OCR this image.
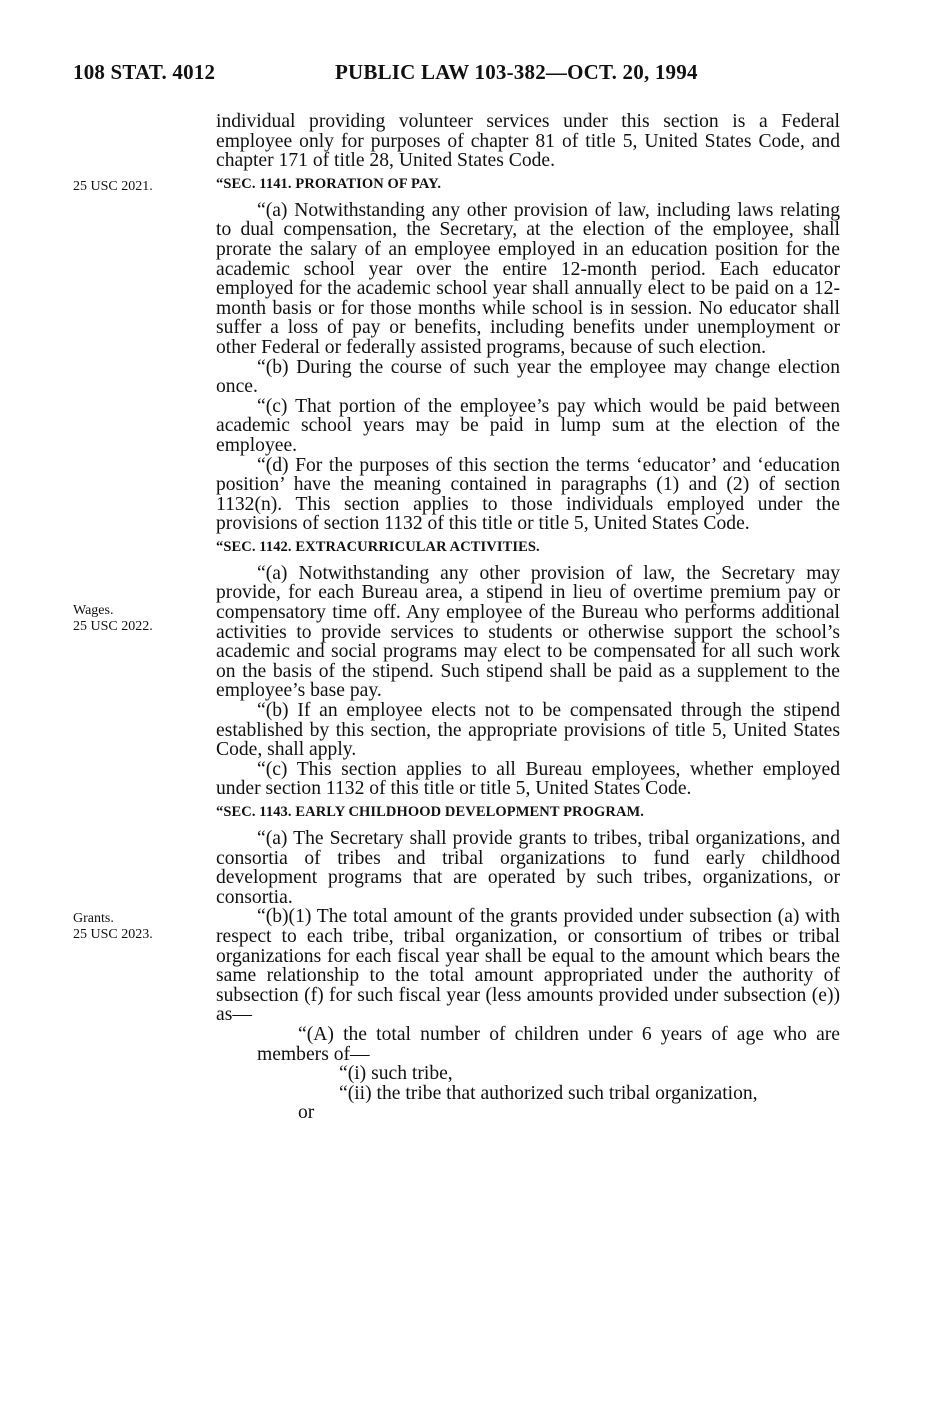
108 STAT. 4012	PUBLIC LAW 103-382—OCT. 20, 1994
25 USC 2021.
Wages.
25 USC 2022.
Grants.
25 USC 2023.

individual providing volunteer services under this section is a Federal employee only for purposes of chapter 81 of title 5, United States Code, and chapter 171 of title 28, United States Code.

“SEC. 1141. PRORATION OF PAY.

“(a) Notwithstanding any other provision of law, including laws relating to dual compensation, the Secretary, at the election of the employee, shall prorate the salary of an employee employed in an education position for the academic school year over the entire 12-month period. Each educator employed for the academic school year shall annually elect to be paid on a 12-month basis or for those months while school is in session. No educator shall suffer a loss of pay or benefits, including benefits under unemployment or other Federal or federally assisted programs, because of such election.

“(b) During the course of such year the employee may change election once.

“(c) That portion of the employee’s pay which would be paid between academic school years may be paid in lump sum at the election of the employee.

“(d) For the purposes of this section the terms ‘educator’ and ‘education position’ have the meaning contained in paragraphs (1) and (2) of section 1132(n). This section applies to those individuals employed under the provisions of section 1132 of this title or title 5, United States Code.

“SEC. 1142. EXTRACURRICULAR ACTIVITIES.

“(a) Notwithstanding any other provision of law, the Secretary may provide, for each Bureau area, a stipend in lieu of overtime premium pay or compensatory time off. Any employee of the Bureau who performs additional activities to provide services to students or otherwise support the school’s academic and social programs may elect to be compensated for all such work on the basis of the stipend. Such stipend shall be paid as a supplement to the employee’s base pay.

“(b) If an employee elects not to be compensated through the stipend established by this section, the appropriate provisions of title 5, United States Code, shall apply.

“(c) This section applies to all Bureau employees, whether employed under section 1132 of this title or title 5, United States Code.

“SEC. 1143. EARLY CHILDHOOD DEVELOPMENT PROGRAM.

“(a) The Secretary shall provide grants to tribes, tribal organizations, and consortia of tribes and tribal organizations to fund early childhood development programs that are operated by such tribes, organizations, or consortia.

“(b)(1) The total amount of the grants provided under subsection (a) with respect to each tribe, tribal organization, or consortium of tribes or tribal organizations for each fiscal year shall be equal to the amount which bears the same relationship to the total amount appropriated under the authority of subsection (f) for such fiscal year (less amounts provided under subsection (e)) as—

“(A) the total number of children under 6 years of age who are members of—

“(i) such tribe,

“(ii) the tribe that authorized such tribal organization,

or
